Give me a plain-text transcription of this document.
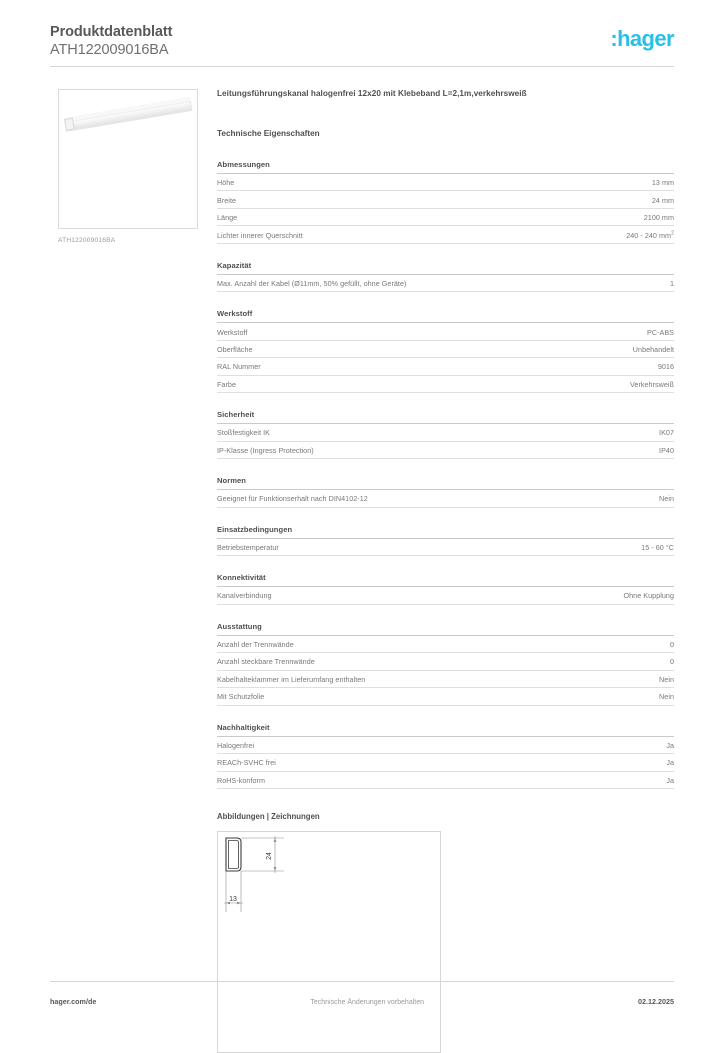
Produktdatenblatt
ATH122009016BA	:hager
ATH122009016BA
Leitungsführungskanal halogenfrei 12x20 mit Klebeband L=2,1m,verkehrsweiß
Technische Eigenschaften
Abmessungen
Höhe	13 mm
Breite	24 mm
Länge	2100 mm
Lichter innerer Querschnitt	240 - 240 $mm^2$
Kapazität
Max. Anzahl der Kabel (Ø11mm, 50% gefüllt, ohne Geräte)	1
Werkstoff
Werkstoff	PC-ABS
Oberfläche	Unbehandelt
RAL Nummer	9016
Farbe	Verkehrsweiß
Sicherheit
Stoßfestigkeit IK	IK07
IP-Klasse (Ingress Protection)	IP40
Normen
Geeignet für Funktionserhalt nach DIN4102-12	Nein
Einsatzbedingungen
Betriebstemperatur	15 - 60 °C
Konnektivität
Kanalverbindung	Ohne Kupplung
Ausstattung
Anzahl der Trennwände	0
Anzahl steckbare Trennwände	0
Kabelhalteklammer im Lieferumfang enthalten	Nein
Mit Schutzfolie	Nein
Nachhaltigkeit
Halogenfrei	Ja
REACh-SVHC frei	Ja
RoHS-konform	Ja
Abbildungen | Zeichnungen
24
13
hager.com/de	Technische Änderungen vorbehalten	02.12.2025
